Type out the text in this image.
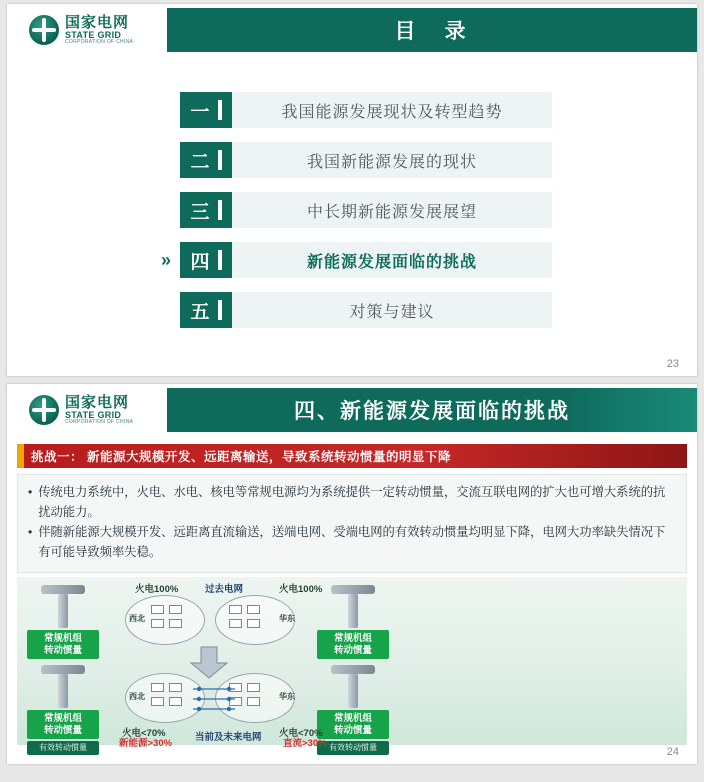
国家电网
STATE GRID
CORPORATION OF CHINA	目　录
一	我国能源发展现状及转型趋势
二	我国新能源发展的现状
三	中长期新能源发展展望
»	四	新能源发展面临的挑战
五	对策与建议
23
国家电网
STATE GRID
CORPORATION OF CHINA	四、新能源发展面临的挑战
挑战一： 新能源大规模开发、远距离输送，导致系统转动惯量的明显下降
• 传统电力系统中，火电、水电、核电等常规电源均为系统提供一定转动惯量，交流互联电网的扩大也可增大系统的抗扰动能力。
• 伴随新能源大规模开发、远距离直流输送，送端电网、受端电网的有效转动惯量均明显下降，电网大功率缺失情况下有可能导致频率失稳。
火电100%	过去电网	火电100%
常规机组
转动惯量
常规机组
转动惯量
西北	华东
常规机组
转动惯量
有效转动惯量
常规机组
转动惯量
有效转动惯量
西北	华东
火电<70%
新能源>30%
当前及未来电网 火电<70%
直流>30%
24
